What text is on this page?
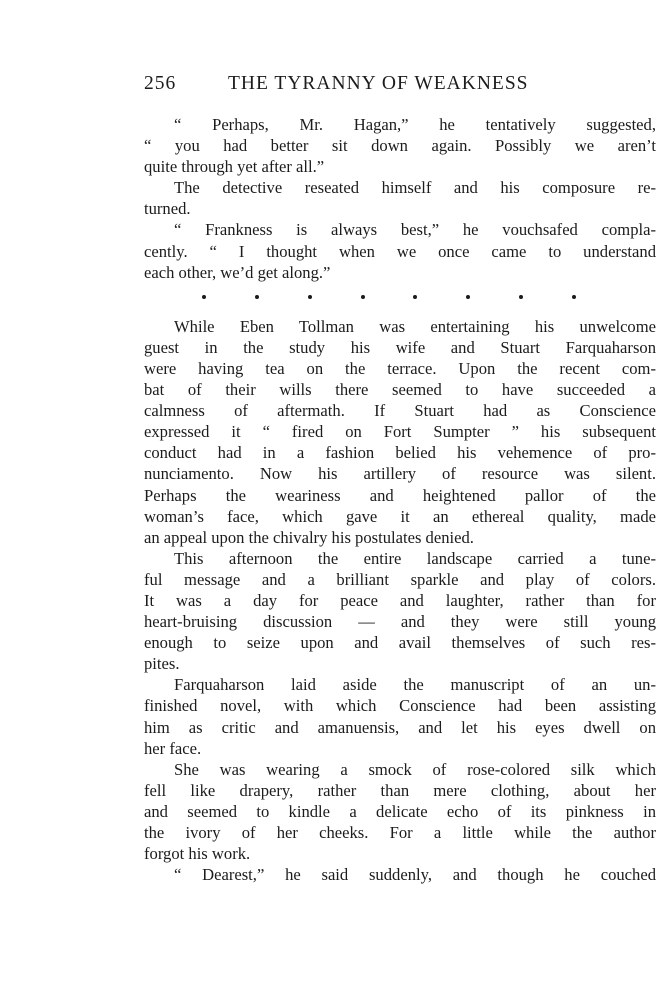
256	THE TYRANNY OF WEAKNESS
“ Perhaps, Mr. Hagan,” he tentatively suggested,
“ you had better sit down again. Possibly we aren’t
quite through yet after all.”
The detective reseated himself and his composure re-
turned.
“ Frankness is always best,” he vouchsafed compla-
cently. “ I thought when we once came to understand
each other, we’d get along.”
While Eben Tollman was entertaining his unwelcome
guest in the study his wife and Stuart Farquaharson
were having tea on the terrace. Upon the recent com-
bat of their wills there seemed to have succeeded a
calmness of aftermath. If Stuart had as Conscience
expressed it “ fired on Fort Sumpter ” his subsequent
conduct had in a fashion belied his vehemence of pro-
nunciamento. Now his artillery of resource was silent.
Perhaps the weariness and heightened pallor of the
woman’s face, which gave it an ethereal quality, made
an appeal upon the chivalry his postulates denied.
This afternoon the entire landscape carried a tune-
ful message and a brilliant sparkle and play of colors.
It was a day for peace and laughter, rather than for
heart-bruising discussion — and they were still young
enough to seize upon and avail themselves of such res-
pites.
Farquaharson laid aside the manuscript of an un-
finished novel, with which Conscience had been assisting
him as critic and amanuensis, and let his eyes dwell on
her face.
She was wearing a smock of rose-colored silk which
fell like drapery, rather than mere clothing, about her
and seemed to kindle a delicate echo of its pinkness in
the ivory of her cheeks. For a little while the author
forgot his work.
“ Dearest,” he said suddenly, and though he couched
